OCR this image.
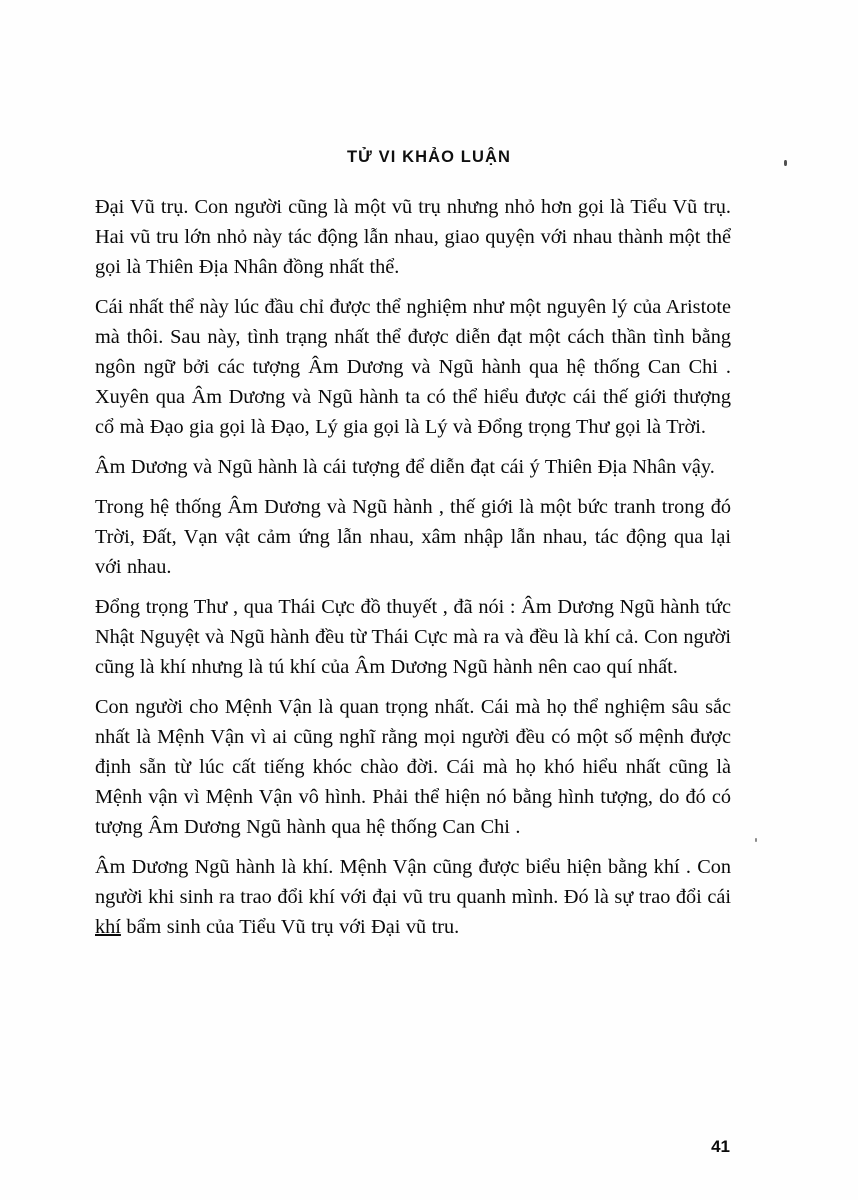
TỬ VI KHẢO LUẬN

Đại Vũ trụ. Con người cũng là một vũ trụ nhưng nhỏ hơn gọi là Tiểu Vũ trụ. Hai vũ tru lớn nhỏ này tác động lẫn nhau, giao quyện với nhau thành một thể gọi là Thiên Địa Nhân đồng nhất thể.

Cái nhất thể này lúc đầu chỉ được thể nghiệm như một nguyên lý của Aristote mà thôi. Sau này, tình trạng nhất thể được diễn đạt một cách thần tình bằng ngôn ngữ bởi các tượng Âm Dương và Ngũ hành qua hệ thống Can Chi . Xuyên qua Âm Dương và Ngũ hành ta có thể hiểu được cái thế giới thượng cổ mà Đạo gia gọi là Đạo, Lý gia gọi là Lý và Đổng trọng Thư gọi là Trời.

Âm Dương và Ngũ hành là cái tượng để diễn đạt cái ý Thiên Địa Nhân vậy.

Trong hệ thống Âm Dương và Ngũ hành , thế giới là một bức tranh trong đó Trời, Đất, Vạn vật cảm ứng lẫn nhau, xâm nhập lẫn nhau, tác động qua lại với nhau.

Đổng trọng Thư , qua Thái Cực đồ thuyết , đã nói : Âm Dương Ngũ hành tức Nhật Nguyệt và Ngũ hành đều từ Thái Cực mà ra và đều là khí cả. Con người cũng là khí nhưng là tú khí của Âm Dương Ngũ hành nên cao quí nhất.

Con người cho Mệnh Vận là quan trọng nhất. Cái mà họ thể nghiệm sâu sắc nhất là Mệnh Vận vì ai cũng nghĩ rằng mọi người đều có một số mệnh được định sẵn từ lúc cất tiếng khóc chào đời. Cái mà họ khó hiểu nhất cũng là Mệnh vận vì Mệnh Vận vô hình. Phải thể hiện nó bằng hình tượng, do đó có tượng Âm Dương Ngũ hành qua hệ thống Can Chi .

Âm Dương Ngũ hành là khí. Mệnh Vận cũng được biểu hiện bằng khí . Con người khi sinh ra trao đổi khí với đại vũ tru quanh mình. Đó là sự trao đổi cái khí bẩm sinh của Tiểu Vũ trụ với Đại vũ tru.

41
